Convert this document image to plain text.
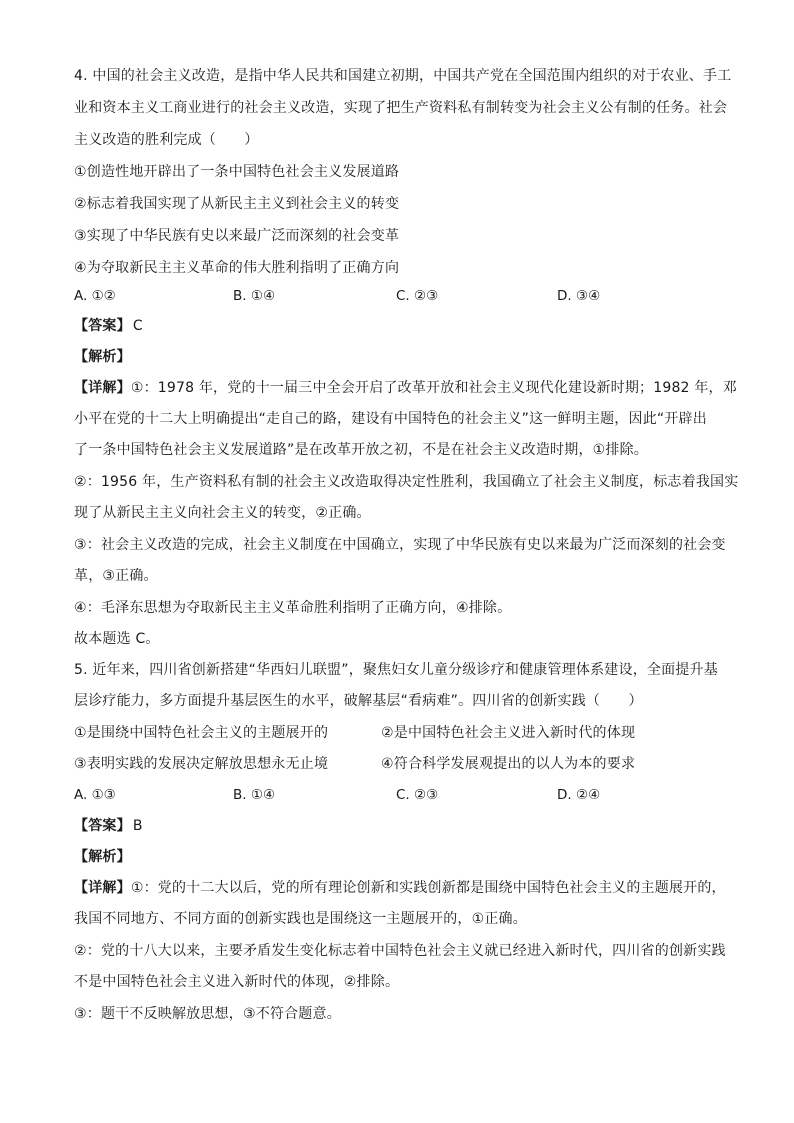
4. 中国的社会主义改造，是指中华人民共和国建立初期，中国共产党在全国范围内组织的对于农业、手工
业和资本主义工商业进行的社会主义改造，实现了把生产资料私有制转变为社会主义公有制的任务。社会
主义改造的胜利完成（　　）
①创造性地开辟出了一条中国特色社会主义发展道路
②标志着我国实现了从新民主主义到社会主义的转变
③实现了中华民族有史以来最广泛而深刻的社会变革
④为夺取新民主主义革命的伟大胜利指明了正确方向
A. ①②	B. ①④	C. ②③	D. ③④
【答案】 C
【解析】
【详解】①：1978 年，党的十一届三中全会开启了改革开放和社会主义现代化建设新时期；1982 年，邓
小平在党的十二大上明确提出“走自己的路，建设有中国特色的社会主义”这一鲜明主题，因此“开辟出
了一条中国特色社会主义发展道路”是在改革开放之初，不是在社会主义改造时期，①排除。
②：1956 年，生产资料私有制的社会主义改造取得决定性胜利，我国确立了社会主义制度，标志着我国实
现了从新民主主义向社会主义的转变，②正确。
③：社会主义改造的完成，社会主义制度在中国确立，实现了中华民族有史以来最为广泛而深刻的社会变
革，③正确。
④：毛泽东思想为夺取新民主主义革命胜利指明了正确方向，④排除。
故本题选 C。
5. 近年来，四川省创新搭建“华西妇儿联盟”，聚焦妇女儿童分级诊疗和健康管理体系建设，全面提升基
层诊疗能力，多方面提升基层医生的水平，破解基层“看病难”。四川省的创新实践（　　）
①是围绕中国特色社会主义的主题展开的	②是中国特色社会主义进入新时代的体现
③表明实践的发展决定解放思想永无止境	④符合科学发展观提出的以人为本的要求
A. ①③	B. ①④	C. ②③	D. ②④
【答案】 B
【解析】
【详解】①：党的十二大以后，党的所有理论创新和实践创新都是围绕中国特色社会主义的主题展开的，
我国不同地方、不同方面的创新实践也是围绕这一主题展开的，①正确。
②：党的十八大以来，主要矛盾发生变化标志着中国特色社会主义就已经进入新时代，四川省的创新实践
不是中国特色社会主义进入新时代的体现，②排除。
③：题干不反映解放思想，③不符合题意。
